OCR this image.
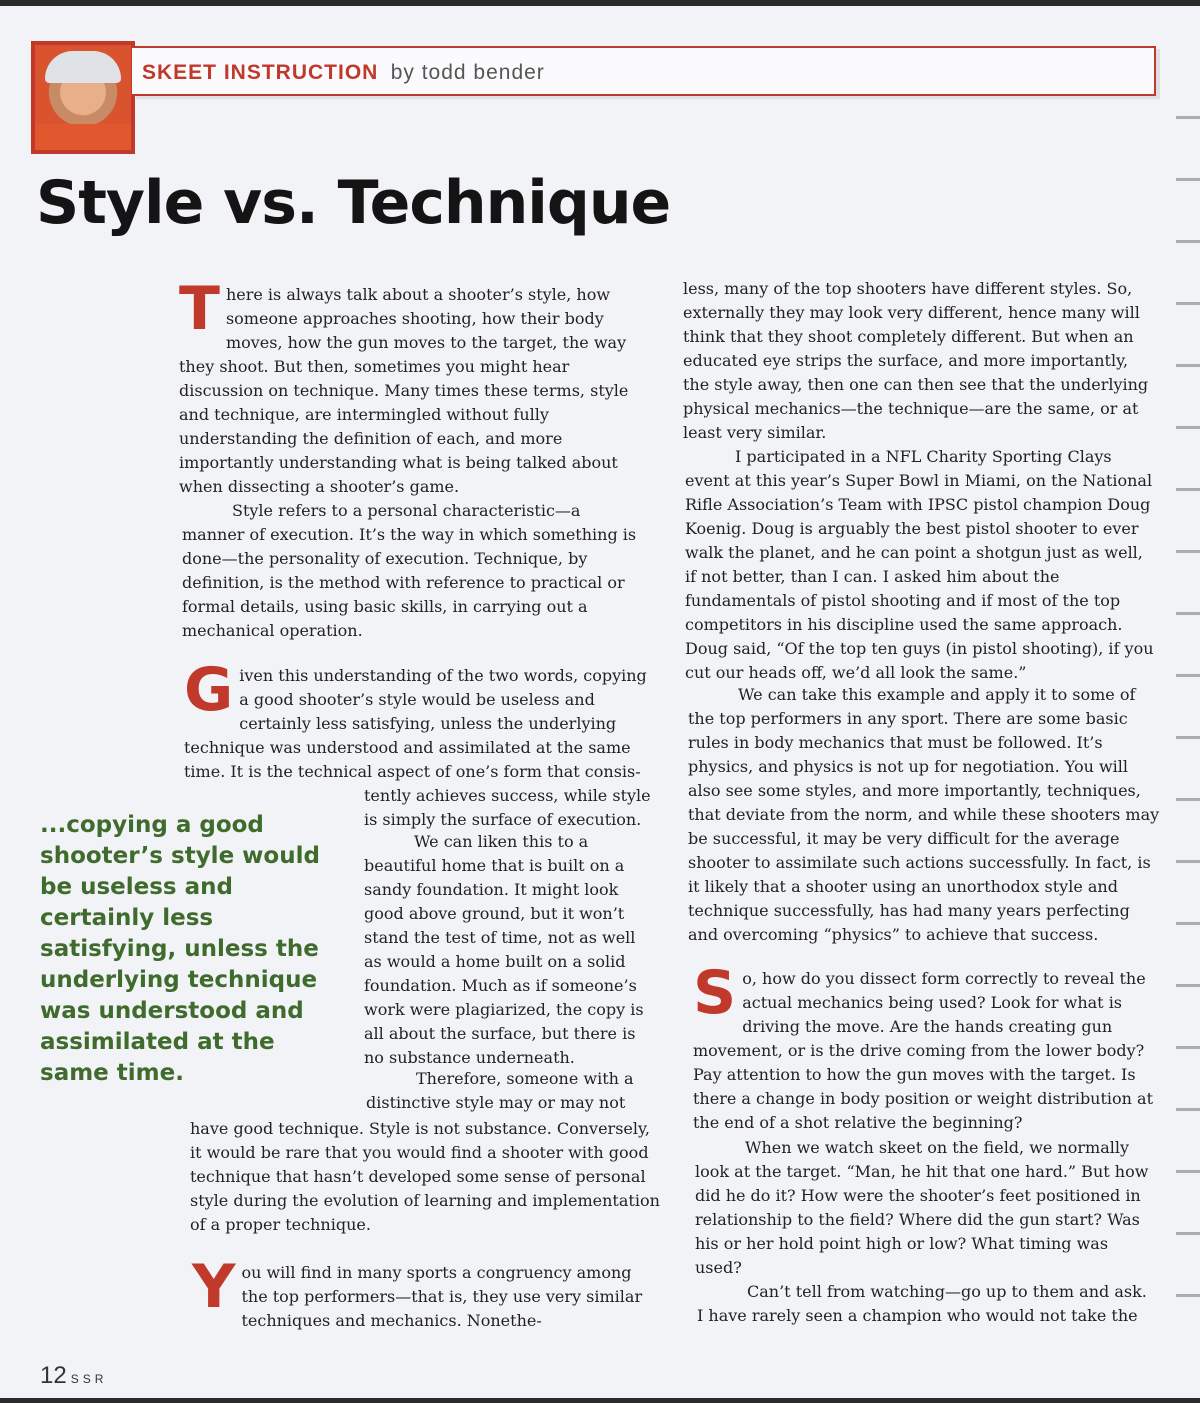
SKEET INSTRUCTION by todd bender
Style vs. Technique
T here is always talk about a shooter’s style, how someone approaches shooting, how their body moves, how the gun moves to the target, the way they shoot. But then, sometimes you might hear discussion on technique. Many times these terms, style and technique, are intermingled without fully understanding the definition of each, and more importantly understanding what is being talked about when dissecting a shooter’s game.
Style refers to a personal characteristic—a manner of execution. It’s the way in which something is done—the personality of execution. Technique, by definition, is the method with reference to practical or formal details, using basic skills, in carrying out a mechanical operation.
G iven this understanding of the two words, copying a good shooter’s style would be useless and certainly less satisfying, unless the underlying technique was understood and assimilated at the same time. It is the technical aspect of one’s form that consis-
tently achieves success, while style is simply the surface of execution.
We can liken this to a beautiful home that is built on a sandy foundation. It might look good above ground, but it won’t stand the test of time, not as well as would a home built on a solid foundation. Much as if someone’s work were plagiarized, the copy is all about the surface, but there is no substance underneath.
Therefore, someone with a distinctive style may or may not
have good technique. Style is not substance. Conversely, it would be rare that you would find a shooter with good technique that hasn’t developed some sense of personal style during the evolution of learning and implementation of a proper technique.
Y ou will find in many sports a congruency among the top performers—that is, they use very similar techniques and mechanics. Nonethe-
...copying a good shooter’s style would be useless and certainly less satisfying, unless the underlying technique was understood and assimilated at the same time.
less, many of the top shooters have different styles. So, externally they may look very different, hence many will think that they shoot completely different. But when an educated eye strips the surface, and more importantly, the style away, then one can then see that the underlying physical mechanics—the technique—are the same, or at least very similar.
I participated in a NFL Charity Sporting Clays event at this year’s Super Bowl in Miami, on the National Rifle Association’s Team with IPSC pistol champion Doug Koenig. Doug is arguably the best pistol shooter to ever walk the planet, and he can point a shotgun just as well, if not better, than I can. I asked him about the fundamentals of pistol shooting and if most of the top competitors in his discipline used the same approach. Doug said, “Of the top ten guys (in pistol shooting), if you cut our heads off, we’d all look the same.”
We can take this example and apply it to some of the top performers in any sport. There are some basic rules in body mechanics that must be followed. It’s physics, and physics is not up for negotiation. You will also see some styles, and more importantly, techniques, that deviate from the norm, and while these shooters may be successful, it may be very difficult for the average shooter to assimilate such actions successfully. In fact, is it likely that a shooter using an unorthodox style and technique successfully, has had many years perfecting and overcoming “physics” to achieve that success.
S o, how do you dissect form correctly to reveal the actual mechanics being used? Look for what is driving the move. Are the hands creating gun movement, or is the drive coming from the lower body? Pay attention to how the gun moves with the target. Is there a change in body position or weight distribution at the end of a shot relative the beginning?
When we watch skeet on the field, we normally look at the target. “Man, he hit that one hard.” But how did he do it? How were the shooter’s feet positioned in relationship to the field? Where did the gun start? Was his or her hold point high or low? What timing was used?
Can’t tell from watching—go up to them and ask. I have rarely seen a champion who would not take the
12 SSR
